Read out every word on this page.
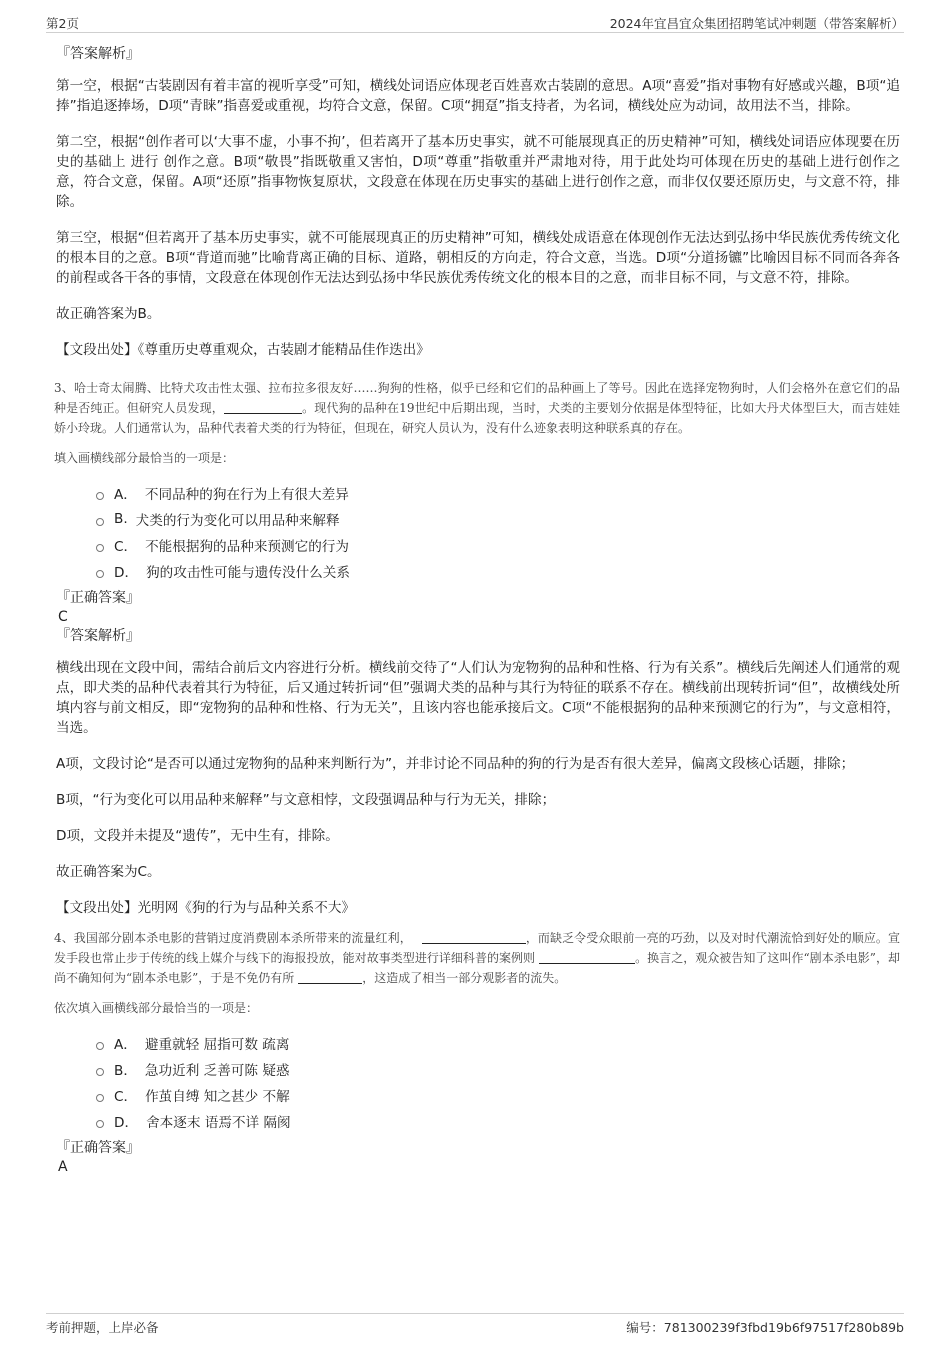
第2页	2024年宜昌宜众集团招聘笔试冲刺题（带答案解析）
『答案解析』

第一空，根据“古装剧因有着丰富的视听享受”可知，横线处词语应体现老百姓喜欢古装剧的意思。A项“喜爱”指对事物有好感或兴趣，B项“追捧”指追逐捧场，D项“青睐”指喜爱或重视，均符合文意，保留。C项“拥趸”指支持者，为名词，横线处应为动词，故用法不当，排除。

第二空，根据“创作者可以‘大事不虚，小事不拘’，但若离开了基本历史事实，就不可能展现真正的历史精神”可知，横线处词语应体现要在历史的基础上 进行 创作之意。B项“敬畏”指既敬重又害怕，D项“尊重”指敬重并严肃地对待，用于此处均可体现在历史的基础上进行创作之意，符合文意，保留。A项“还原”指事物恢复原状，文段意在体现在历史事实的基础上进行创作之意，而非仅仅要还原历史，与文意不符，排除。

第三空，根据“但若离开了基本历史事实，就不可能展现真正的历史精神”可知，横线处成语意在体现创作无法达到弘扬中华民族优秀传统文化的根本目的之意。B项“背道而驰”比喻背离正确的目标、道路，朝相反的方向走，符合文意，当选。D项“分道扬镳”比喻因目标不同而各奔各的前程或各干各的事情，文段意在体现创作无法达到弘扬中华民族优秀传统文化的根本目的之意，而非目标不同，与文意不符，排除。

故正确答案为B。

【文段出处】《尊重历史尊重观众，古装剧才能精品佳作迭出》

3、哈士奇太闹腾、比特犬攻击性太强、拉布拉多很友好……狗狗的性格，似乎已经和它们的品种画上了等号。因此在选择宠物狗时，人们会格外在意它们的品种是否纯正。但研究人员发现，	。现代狗的品种在19世纪中后期出现，当时，犬类的主要划分依据是体型特征，比如大丹犬体型巨大，而吉娃娃娇小玲珑。人们通常认为，品种代表着犬类的行为特征，但现在，研究人员认为，没有什么迹象表明这种联系真的存在。
填入画横线部分最恰当的一项是：
A． 不同品种的狗在行为上有很大差异
B. 犬类的行为变化可以用品种来解释
C． 不能根据狗的品种来预测它的行为
D． 狗的攻击性可能与遗传没什么关系
『正确答案』
C
『答案解析』

横线出现在文段中间，需结合前后文内容进行分析。横线前交待了“人们认为宠物狗的品种和性格、行为有关系”。横线后先阐述人们通常的观点，即犬类的品种代表着其行为特征，后又通过转折词“但”强调犬类的品种与其行为特征的联系不存在。横线前出现转折词“但”，故横线处所填内容与前文相反，即“宠物狗的品种和性格、行为无关”，且该内容也能承接后文。C项“不能根据狗的品种来预测它的行为”，与文意相符，当选。

A项，文段讨论“是否可以通过宠物狗的品种来判断行为”，并非讨论不同品种的狗的行为是否有很大差异，偏离文段核心话题，排除；

B项，“行为变化可以用品种来解释”与文意相悖，文段强调品种与行为无关，排除；

D项，文段并未提及“遗传”，无中生有，排除。

故正确答案为C。

【文段出处】光明网《狗的行为与品种关系不大》

4、我国部分剧本杀电影的营销过度消费剧本杀所带来的流量红利，	，而缺乏令受众眼前一亮的巧劲，以及对时代潮流恰到好处的顺应。宣发手段也常止步于传统的线上媒介与线下的海报投放，能对故事类型进行详细科普的案例则	。换言之，观众被告知了这叫作“剧本杀电影”，却尚不确知何为“剧本杀电影”，于是不免仍有所	，这造成了相当一部分观影者的流失。
依次填入画横线部分最恰当的一项是：
A． 避重就轻 屈指可数 疏离
B． 急功近利 乏善可陈 疑惑
C． 作茧自缚 知之甚少 不解
D． 舍本逐末 语焉不详 隔阂
『正确答案』
A
考前押题，上岸必备	编号：781300239f3fbd19b6f97517f280b89b
